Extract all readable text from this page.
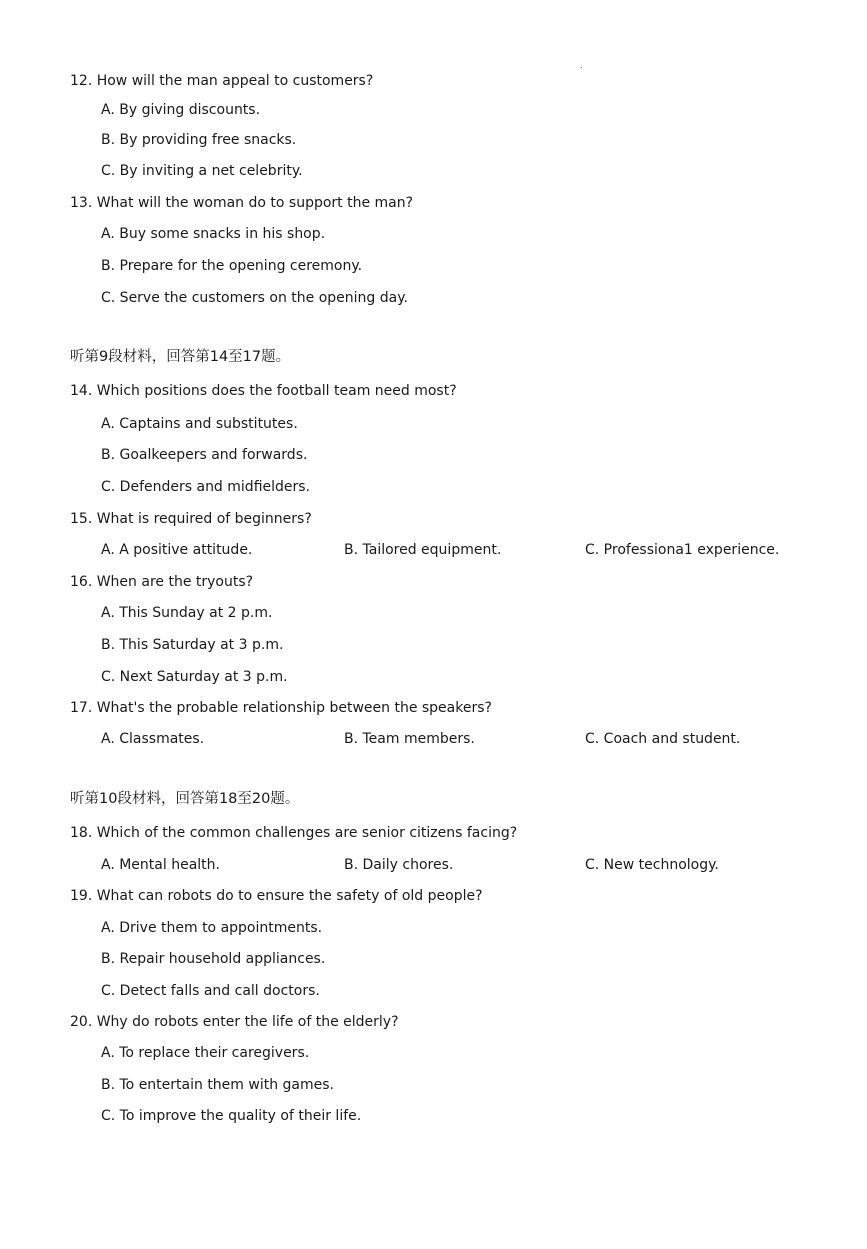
12. How will the man appeal to customers?
A. By giving discounts.
B. By providing free snacks.
C. By inviting a net celebrity.
13. What will the woman do to support the man?
A. Buy some snacks in his shop.
B. Prepare for the opening ceremony.
C. Serve the customers on the opening day.
听第9段材料，回答第14至17题。
14. Which positions does the football team need most?
A. Captains and substitutes.
B. Goalkeepers and forwards.
C. Defenders and midfielders.
15. What is required of beginners?
A. A positive attitude.	B. Tailored equipment.	C. Professiona1 experience.
16. When are the tryouts?
A. This Sunday at 2 p.m.
B. This Saturday at 3 p.m.
C. Next Saturday at 3 p.m.
17. What's the probable relationship between the speakers?
A. Classmates.	B. Team members.	C. Coach and student.
听第10段材料，回答第18至20题。
18. Which of the common challenges are senior citizens facing?
A. Mental health.	B. Daily chores.	C. New technology.
19. What can robots do to ensure the safety of old people?
A. Drive them to appointments.
B. Repair household appliances.
C. Detect falls and call doctors.
20. Why do robots enter the life of the elderly?
A. To replace their caregivers.
B. To entertain them with games.
C. To improve the quality of their life.
